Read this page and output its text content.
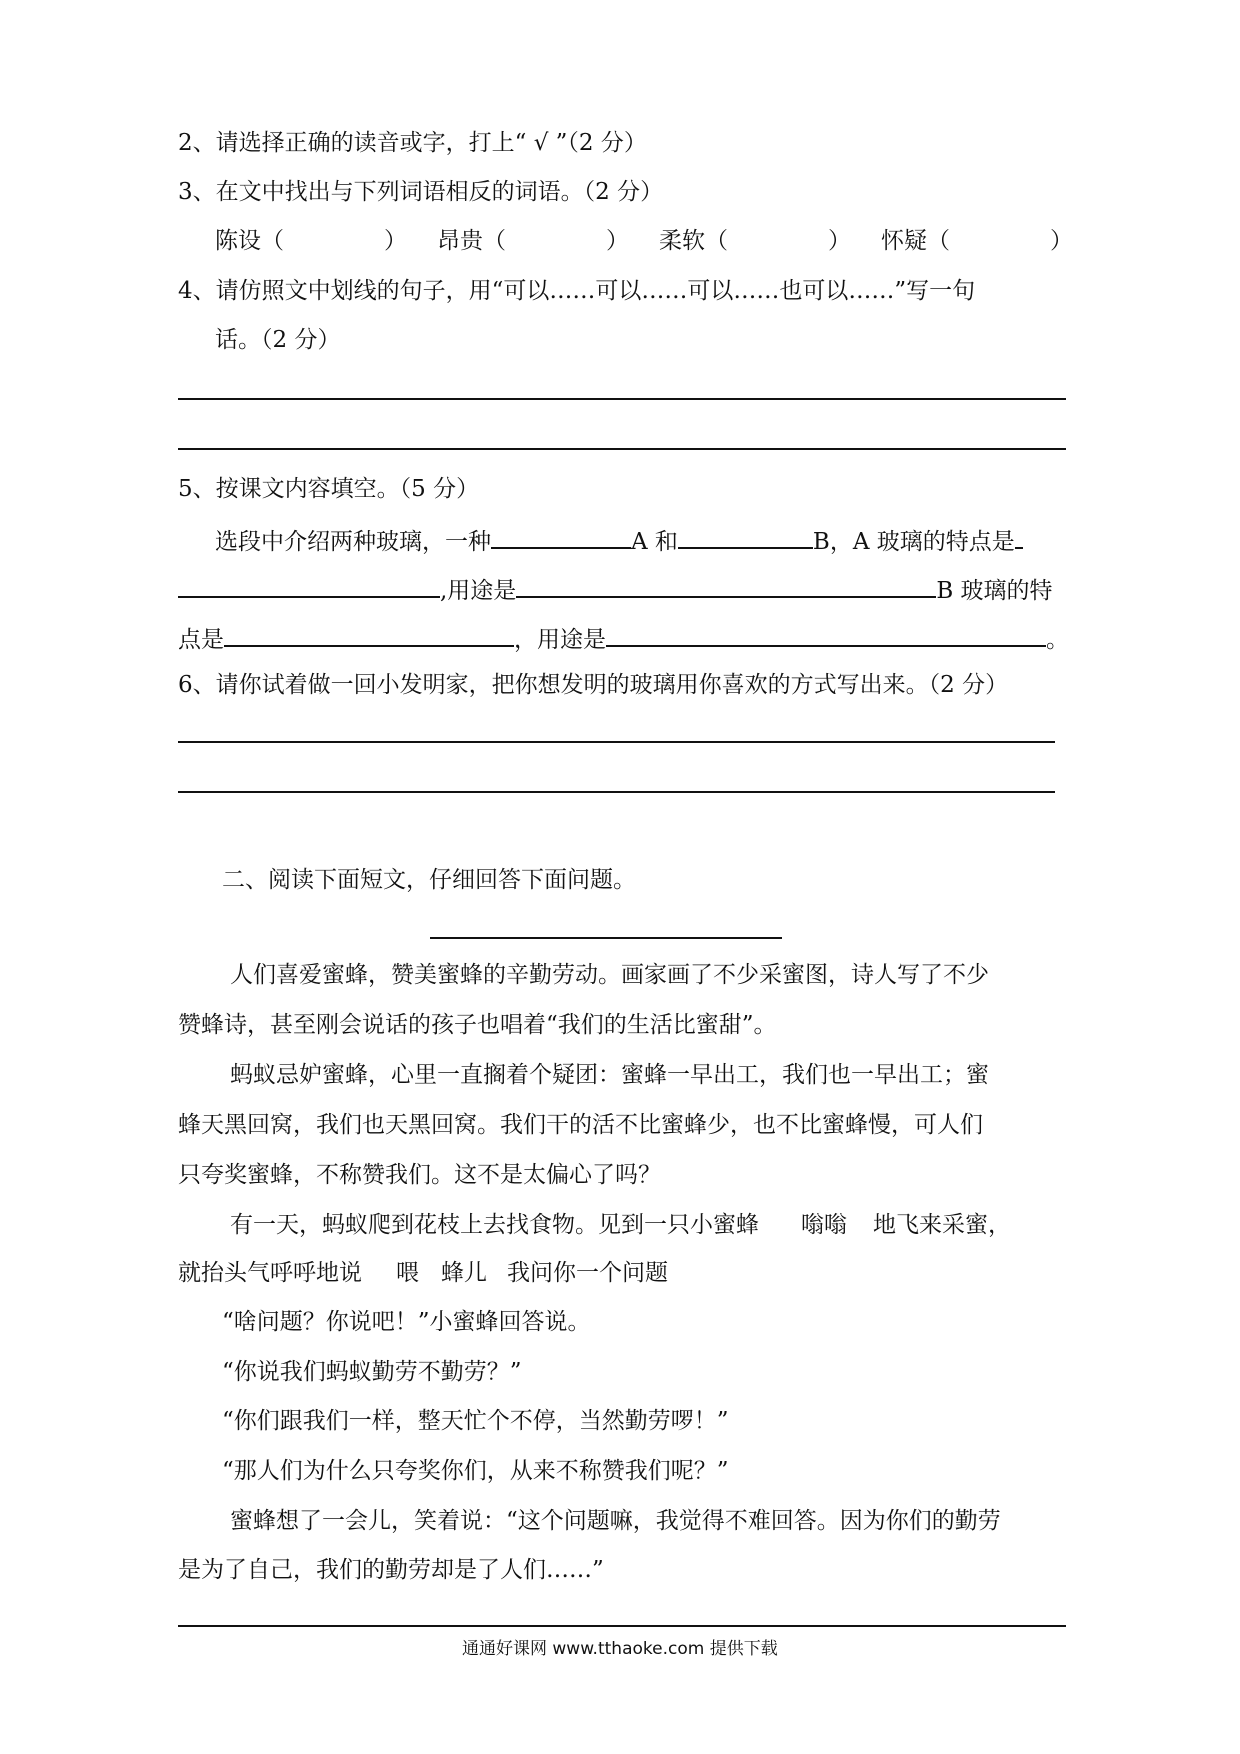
2、请选择正确的读音或字，打上“ √ ”（2 分）
3、在文中找出与下列词语相反的词语。（2 分）
陈设（	） 昂贵（	） 柔软（	） 怀疑（	）
4、请仿照文中划线的句子，用“可以……可以……可以……也可以……”写一句
话。（2 分）
5、按课文内容填空。（5 分）
选段中介绍两种玻璃，一种	A 和	B，A 玻璃的特点是
,用途是	B 玻璃的特
点是	，用途是	。
6、请你试着做一回小发明家，把你想发明的玻璃用你喜欢的方式写出来。（2 分）
二、阅读下面短文，仔细回答下面问题。
人们喜爱蜜蜂，赞美蜜蜂的辛勤劳动。画家画了不少采蜜图，诗人写了不少
赞蜂诗，甚至刚会说话的孩子也唱着“我们的生活比蜜甜”。
蚂蚁忌妒蜜蜂，心里一直搁着个疑团：蜜蜂一早出工，我们也一早出工；蜜
蜂天黑回窝，我们也天黑回窝。我们干的活不比蜜蜂少，也不比蜜蜂慢，可人们
只夸奖蜜蜂，不称赞我们。这不是太偏心了吗？
有一天，蚂蚁爬到花枝上去找食物。见到一只小蜜蜂 嗡嗡 地飞来采蜜，
就抬头气呼呼地说 喂 蜂儿 我问你一个问题
“啥问题？你说吧！”小蜜蜂回答说。
“你说我们蚂蚁勤劳不勤劳？”
“你们跟我们一样，整天忙个不停，当然勤劳啰！”
“那人们为什么只夸奖你们，从来不称赞我们呢？”
蜜蜂想了一会儿，笑着说：“这个问题嘛，我觉得不难回答。因为你们的勤劳
是为了自己，我们的勤劳却是了人们……”
通通好课网 www.tthaoke.com 提供下载
